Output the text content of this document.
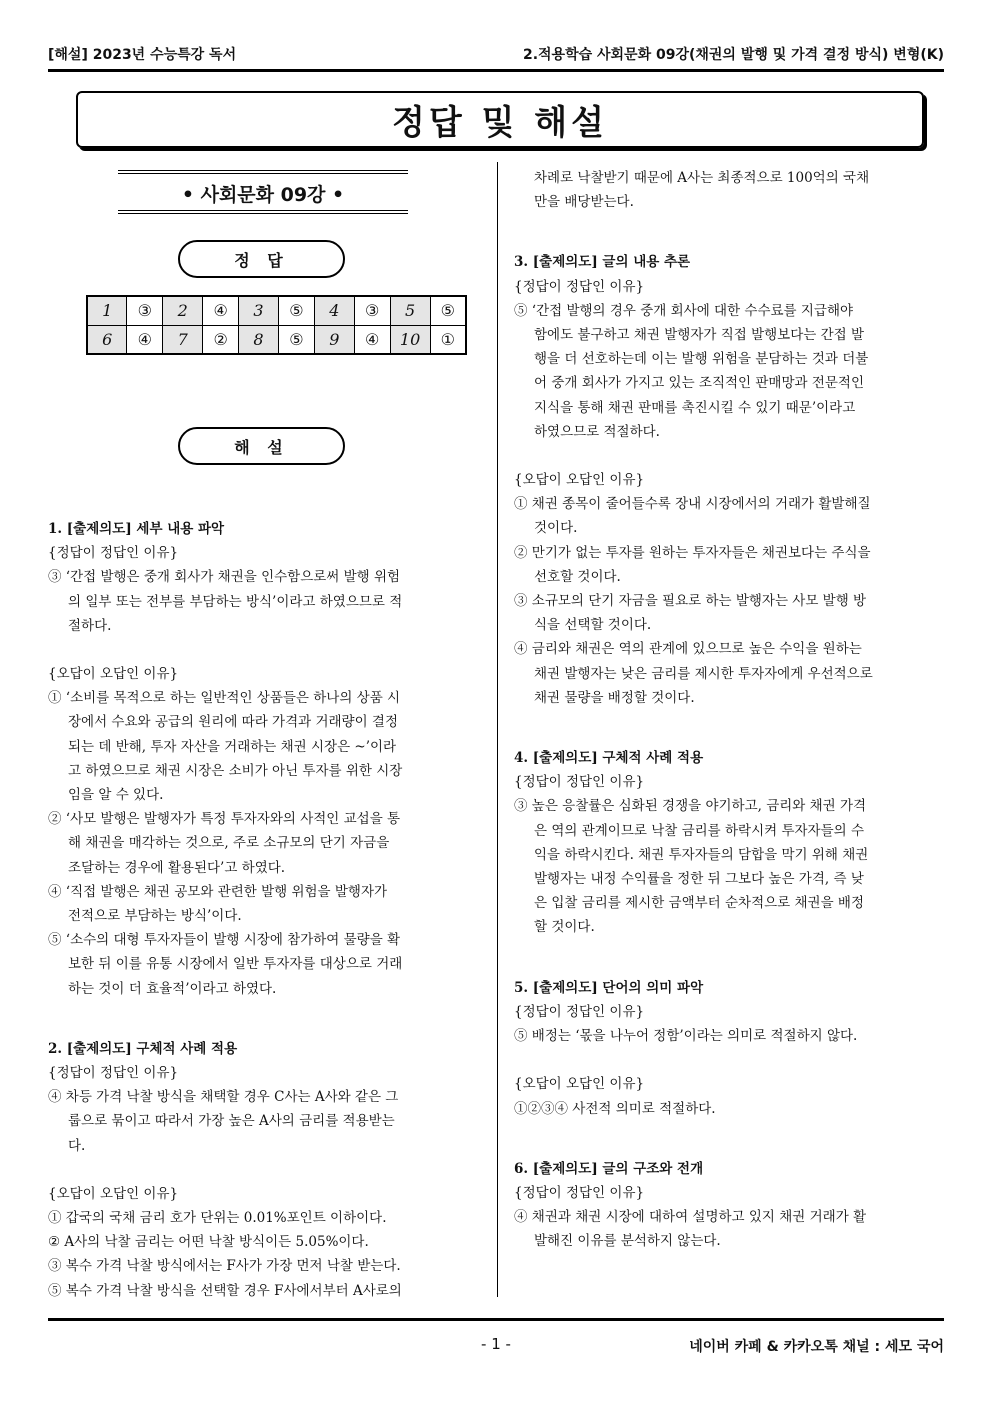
[해설] 2023년 수능특강 독서	2.적용학습 사회문화 09강(채권의 발행 및 가격 결정 방식) 변형(K)
정답 및 해설
• 사회문화 09강 •
정 답
1	③	2	④	3	⑤	4	③	5	⑤
6	④	7	②	8	⑤	9	④	10	①
해 설
1. [출제의도] 세부 내용 파악
{정답이 정답인 이유}
③ ‘간접 발행은 중개 회사가 채권을 인수함으로써 발행 위험
의 일부 또는 전부를 부담하는 방식’이라고 하였으므로 적
절하다.
{오답이 오답인 이유}
① ‘소비를 목적으로 하는 일반적인 상품들은 하나의 상품 시
장에서 수요와 공급의 원리에 따라 가격과 거래량이 결정
되는 데 반해, 투자 자산을 거래하는 채권 시장은 ~’이라
고 하였으므로 채권 시장은 소비가 아닌 투자를 위한 시장
임을 알 수 있다.
② ‘사모 발행은 발행자가 특정 투자자와의 사적인 교섭을 통
해 채권을 매각하는 것으로, 주로 소규모의 단기 자금을
조달하는 경우에 활용된다’고 하였다.
④ ‘직접 발행은 채권 공모와 관련한 발행 위험을 발행자가
전적으로 부담하는 방식’이다.
⑤ ‘소수의 대형 투자자들이 발행 시장에 참가하여 물량을 확
보한 뒤 이를 유통 시장에서 일반 투자자를 대상으로 거래
하는 것이 더 효율적’이라고 하였다.
2. [출제의도] 구체적 사례 적용
{정답이 정답인 이유}
④ 차등 가격 낙찰 방식을 채택할 경우 C사는 A사와 같은 그
룹으로 묶이고 따라서 가장 높은 A사의 금리를 적용받는
다.
{오답이 오답인 이유}
① 갑국의 국채 금리 호가 단위는 0.01%포인트 이하이다.
② A사의 낙찰 금리는 어떤 낙찰 방식이든 5.05%이다.
③ 복수 가격 낙찰 방식에서는 F사가 가장 먼저 낙찰 받는다.
⑤ 복수 가격 낙찰 방식을 선택할 경우 F사에서부터 A사로의
차례로 낙찰받기 때문에 A사는 최종적으로 100억의 국채
만을 배당받는다.
3. [출제의도] 글의 내용 추론
{정답이 정답인 이유}
⑤ ‘간접 발행의 경우 중개 회사에 대한 수수료를 지급해야
함에도 불구하고 채권 발행자가 직접 발행보다는 간접 발
행을 더 선호하는데 이는 발행 위험을 분담하는 것과 더불
어 중개 회사가 가지고 있는 조직적인 판매망과 전문적인
지식을 통해 채권 판매를 촉진시킬 수 있기 때문’이라고
하였으므로 적절하다.
{오답이 오답인 이유}
① 채권 종목이 줄어들수록 장내 시장에서의 거래가 활발해질
것이다.
② 만기가 없는 투자를 원하는 투자자들은 채권보다는 주식을
선호할 것이다.
③ 소규모의 단기 자금을 필요로 하는 발행자는 사모 발행 방
식을 선택할 것이다.
④ 금리와 채권은 역의 관계에 있으므로 높은 수익을 원하는
채권 발행자는 낮은 금리를 제시한 투자자에게 우선적으로
채권 물량을 배정할 것이다.
4. [출제의도] 구체적 사례 적용
{정답이 정답인 이유}
③ 높은 응찰률은 심화된 경쟁을 야기하고, 금리와 채권 가격
은 역의 관계이므로 낙찰 금리를 하락시켜 투자자들의 수
익을 하락시킨다. 채권 투자자들의 담합을 막기 위해 채권
발행자는 내정 수익률을 정한 뒤 그보다 높은 가격, 즉 낮
은 입찰 금리를 제시한 금액부터 순차적으로 채권을 배정
할 것이다.
5. [출제의도] 단어의 의미 파악
{정답이 정답인 이유}
⑤ 배정는 ‘몫을 나누어 정함’이라는 의미로 적절하지 않다.
{오답이 오답인 이유}
①②③④ 사전적 의미로 적절하다.
6. [출제의도] 글의 구조와 전개
{정답이 정답인 이유}
④ 채권과 채권 시장에 대하여 설명하고 있지 채권 거래가 활
발해진 이유를 분석하지 않는다.
- 1 -	네이버 카페 & 카카오톡 채널 : 세모 국어
